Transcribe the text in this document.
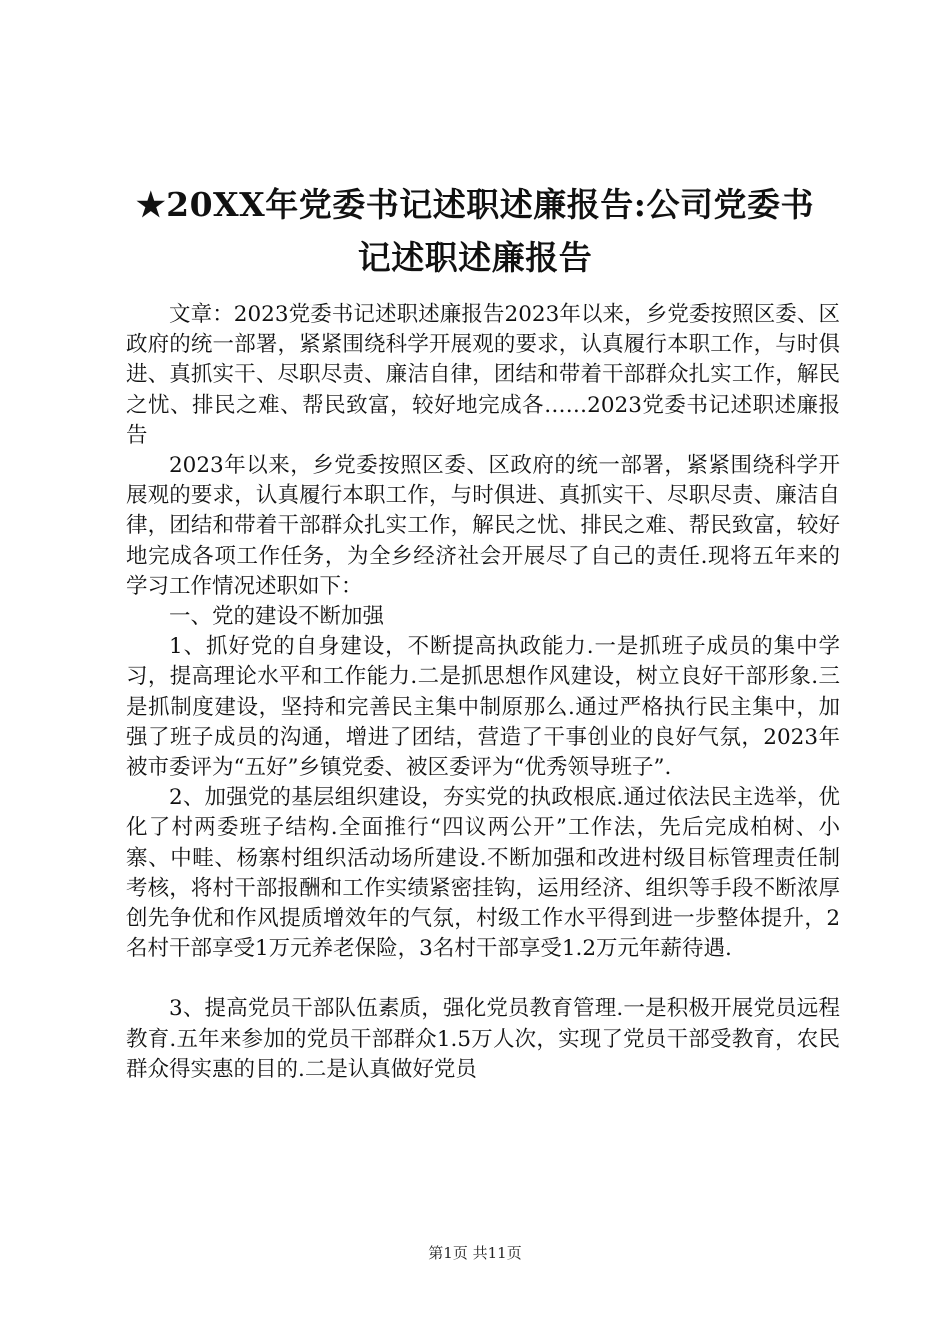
★20XX年党委书记述职述廉报告:公司党委书
记述职述廉报告

文章：2023党委书记述职述廉报告2023年以来，乡党委按照区委、区政府的统一部署，紧紧围绕科学开展观的要求，认真履行本职工作，与时俱进、真抓实干、尽职尽责、廉洁自律，团结和带着干部群众扎实工作，解民之忧、排民之难、帮民致富，较好地完成各……2023党委书记述职述廉报告

2023年以来，乡党委按照区委、区政府的统一部署，紧紧围绕科学开展观的要求，认真履行本职工作，与时俱进、真抓实干、尽职尽责、廉洁自律，团结和带着干部群众扎实工作，解民之忧、排民之难、帮民致富，较好地完成各项工作任务，为全乡经济社会开展尽了自己的责任.现将五年来的学习工作情况述职如下：

一、党的建设不断加强

1、抓好党的自身建设，不断提高执政能力.一是抓班子成员的集中学习，提高理论水平和工作能力.二是抓思想作风建设，树立良好干部形象.三是抓制度建设，坚持和完善民主集中制原那么.通过严格执行民主集中，加强了班子成员的沟通，增进了团结，营造了干事创业的良好气氛，2023年被市委评为“五好”乡镇党委、被区委评为“优秀领导班子”.

2、加强党的基层组织建设，夯实党的执政根底.通过依法民主选举，优化了村两委班子结构.全面推行“四议两公开”工作法，先后完成柏树、小寨、中畦、杨寨村组织活动场所建设.不断加强和改进村级目标管理责任制考核，将村干部报酬和工作实绩紧密挂钩，运用经济、组织等手段不断浓厚创先争优和作风提质增效年的气氛，村级工作水平得到进一步整体提升，2名村干部享受1万元养老保险，3名村干部享受1.2万元年薪待遇.

3、提高党员干部队伍素质，强化党员教育管理.一是积极开展党员远程教育.五年来参加的党员干部群众1.5万人次，实现了党员干部受教育，农民群众得实惠的目的.二是认真做好党员

第1页 共11页
